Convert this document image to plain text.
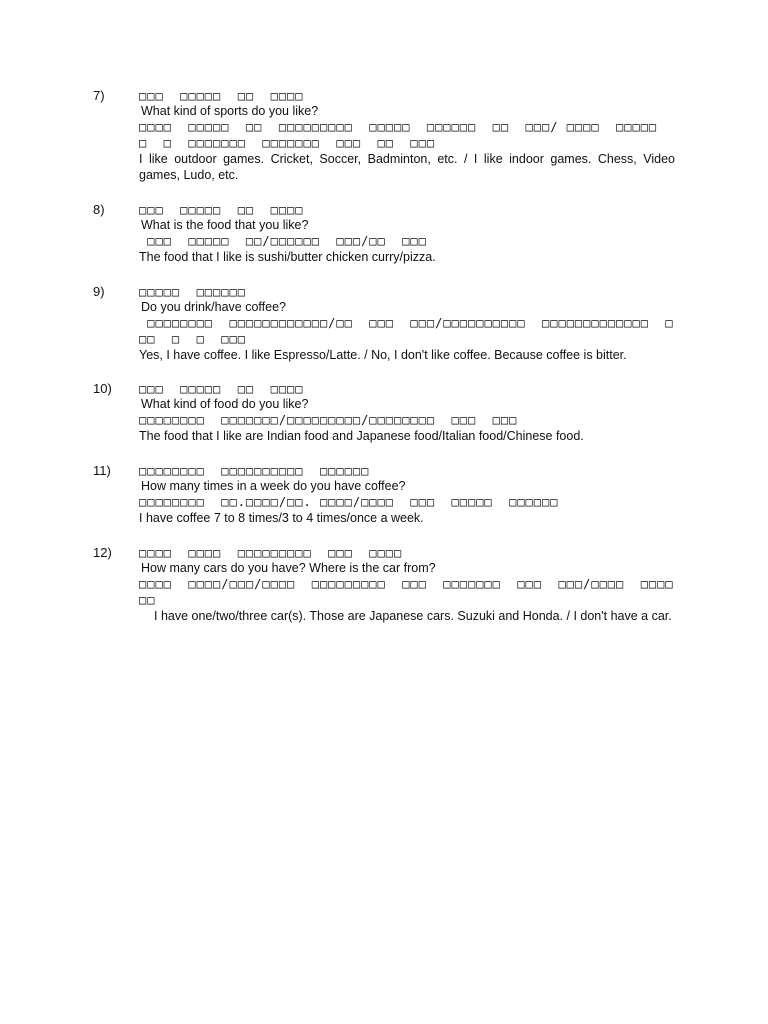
7)	□□□  □□□□□  □□  □□□□
What kind of sports do you like?
□□□□  □□□□□  □□  □□□□□□□□□  □□□□□  □□□□□□  □□  □□□/ □□□□  □□□□□  □  □  □□□□□□□  □□□□□□□  □□□  □□  □□□
I like outdoor games. Cricket, Soccer, Badminton, etc. / I like indoor games. Chess, Video games, Ludo, etc.
8)	□□□  □□□□□  □□  □□□□
What is the food that you like?
□□□  □□□□□  □□/□□□□□□  □□□/□□  □□□
The food that I like is sushi/butter chicken curry/pizza.
9)	□□□□□  □□□□□□
Do you drink/have coffee?
□□□□□□□□  □□□□□□□□□□□□/□□  □□□  □□□/□□□□□□□□□□  □□□□□□□□□□□□□  □□□  □  □  □□□
Yes, I have coffee. I like Espresso/Latte. / No, I don't like coffee. Because coffee is bitter.
10) □□□  □□□□□  □□  □□□□
What kind of food do you like?
□□□□□□□□  □□□□□□□/□□□□□□□□□/□□□□□□□□  □□□  □□□
The food that I like are Indian food and Japanese food/Italian food/Chinese food.
11) □□□□□□□□  □□□□□□□□□□  □□□□□□
How many times in a week do you have coffee?
□□□□□□□□  □□.□□□□/□□. □□□□/□□□□  □□□  □□□□□  □□□□□□
I have coffee 7 to 8 times/3 to 4 times/once a week.
12) □□□□  □□□□  □□□□□□□□□  □□□  □□□□
How many cars do you have? Where is the car from?
□□□□  □□□□/□□□/□□□□  □□□□□□□□□  □□□  □□□□□□□  □□□  □□□/□□□□  □□□□□□
I have one/two/three car(s). Those are Japanese cars. Suzuki and Honda. / I don't have a car.
